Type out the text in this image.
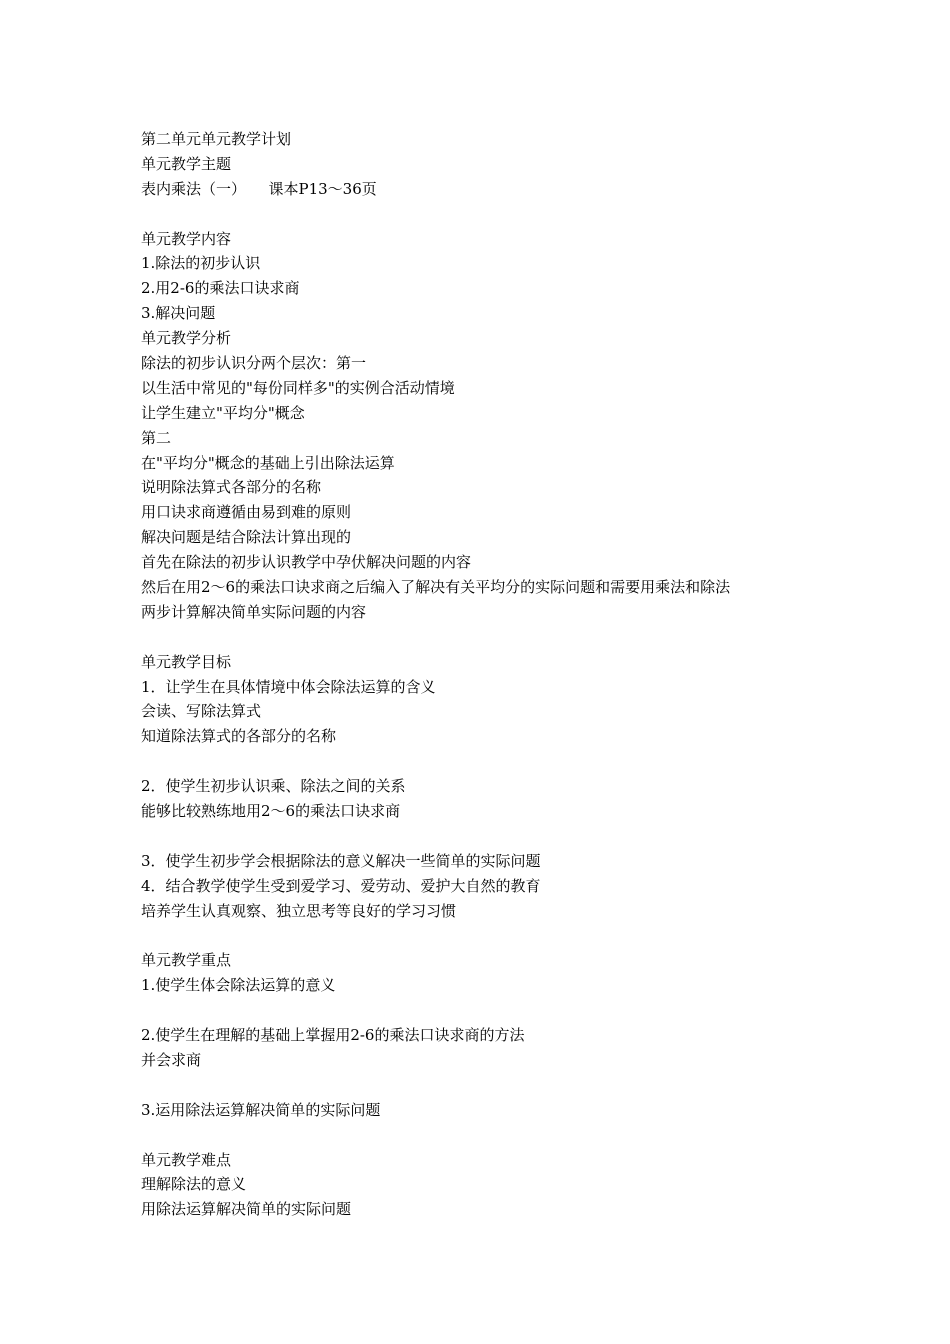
第二单元单元教学计划

单元教学主题

表内乘法（一）　　课本P13～36页

单元教学内容

1.除法的初步认识

2.用2-6的乘法口诀求商

3.解决问题

单元教学分析

除法的初步认识分两个层次：第一

以生活中常见的"每份同样多"的实例合活动情境

让学生建立"平均分"概念

第二

在"平均分"概念的基础上引出除法运算

说明除法算式各部分的名称

用口诀求商遵循由易到难的原则

解决问题是结合除法计算出现的

首先在除法的初步认识教学中孕伏解决问题的内容

然后在用2～6的乘法口诀求商之后编入了解决有关平均分的实际问题和需要用乘法和除法

两步计算解决简单实际问题的内容

单元教学目标

1．让学生在具体情境中体会除法运算的含义

会读、写除法算式

知道除法算式的各部分的名称

2．使学生初步认识乘、除法之间的关系

能够比较熟练地用2～6的乘法口诀求商

3．使学生初步学会根据除法的意义解决一些简单的实际问题

4．结合教学使学生受到爱学习、爱劳动、爱护大自然的教育

培养学生认真观察、独立思考等良好的学习习惯

单元教学重点

1.使学生体会除法运算的意义

2.使学生在理解的基础上掌握用2-6的乘法口诀求商的方法

并会求商

3.运用除法运算解决简单的实际问题

单元教学难点

理解除法的意义

用除法运算解决简单的实际问题
